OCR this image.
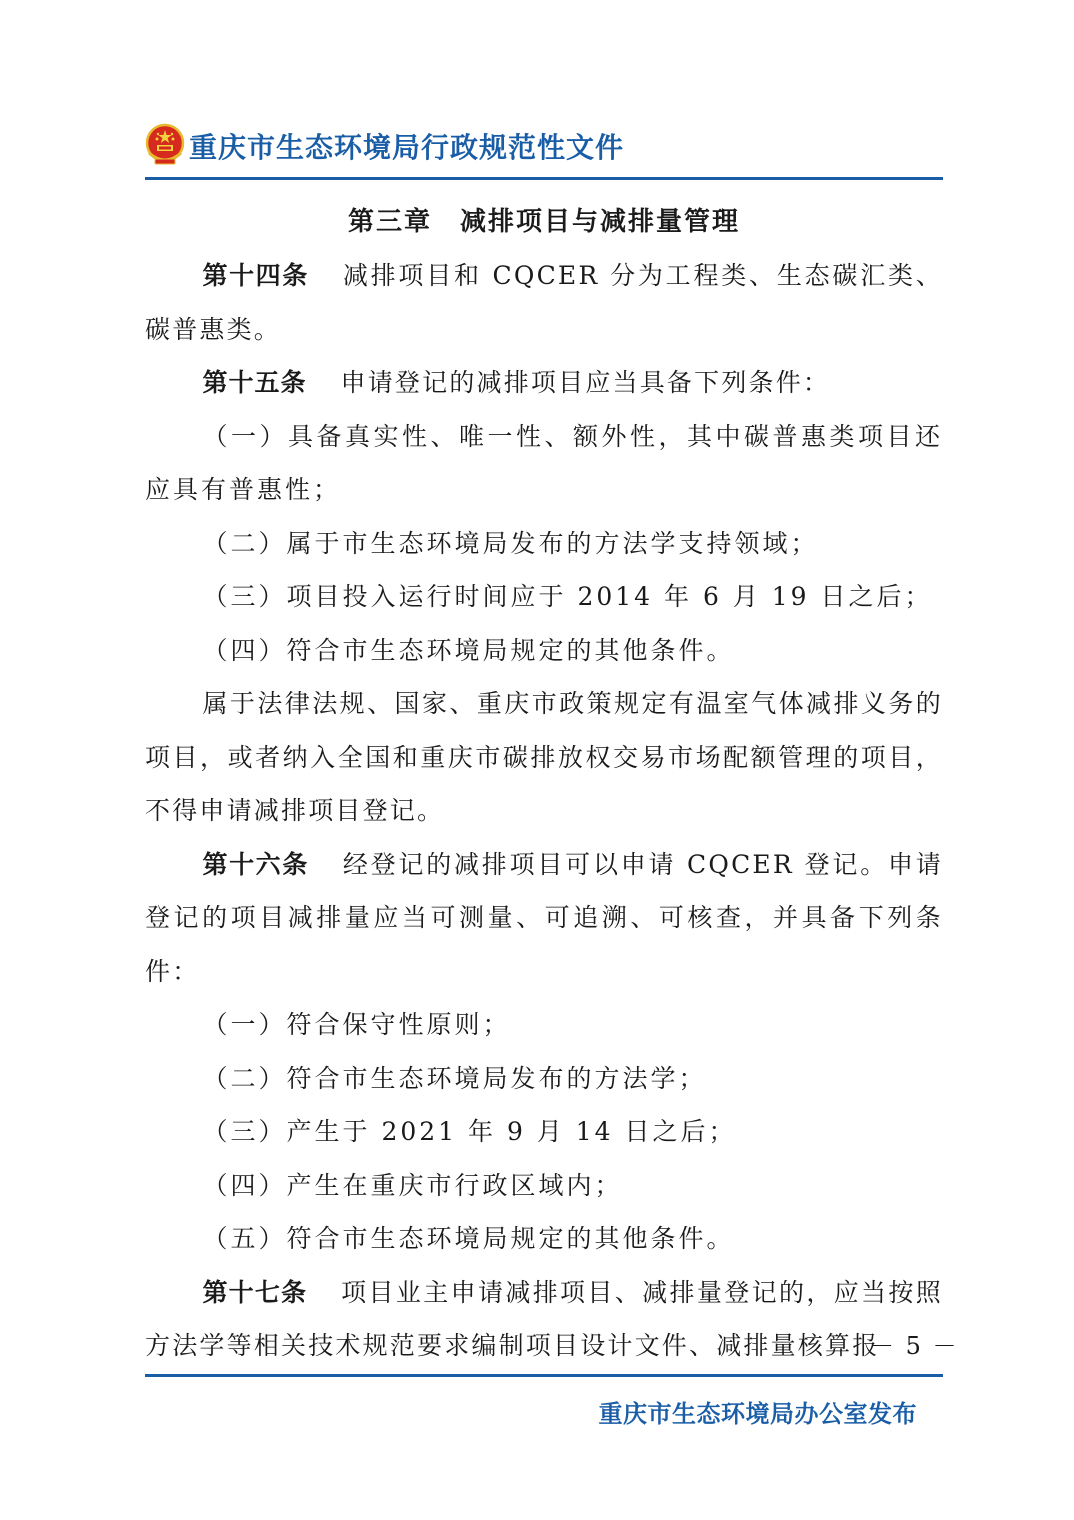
重庆市生态环境局行政规范性文件
第三章　减排项目与减排量管理

第十四条 减排项目和 CQCER 分为工程类、生态碳汇类、碳普惠类。

第十五条 申请登记的减排项目应当具备下列条件：

（一）具备真实性、唯一性、额外性，其中碳普惠类项目还应具有普惠性；

（二）属于市生态环境局发布的方法学支持领域；

（三）项目投入运行时间应于 2014 年 6 月 19 日之后；

（四）符合市生态环境局规定的其他条件。

属于法律法规、国家、重庆市政策规定有温室气体减排义务的项目，或者纳入全国和重庆市碳排放权交易市场配额管理的项目，不得申请减排项目登记。

第十六条 经登记的减排项目可以申请 CQCER 登记。申请登记的项目减排量应当可测量、可追溯、可核查，并具备下列条件：

（一）符合保守性原则；

（二）符合市生态环境局发布的方法学；

（三）产生于 2021 年 9 月 14 日之后；

（四）产生在重庆市行政区域内；

（五）符合市生态环境局规定的其他条件。

第十七条 项目业主申请减排项目、减排量登记的，应当按照方法学等相关技术规范要求编制项目设计文件、减排量核算报

－ 5 －
重庆市生态环境局办公室发布
